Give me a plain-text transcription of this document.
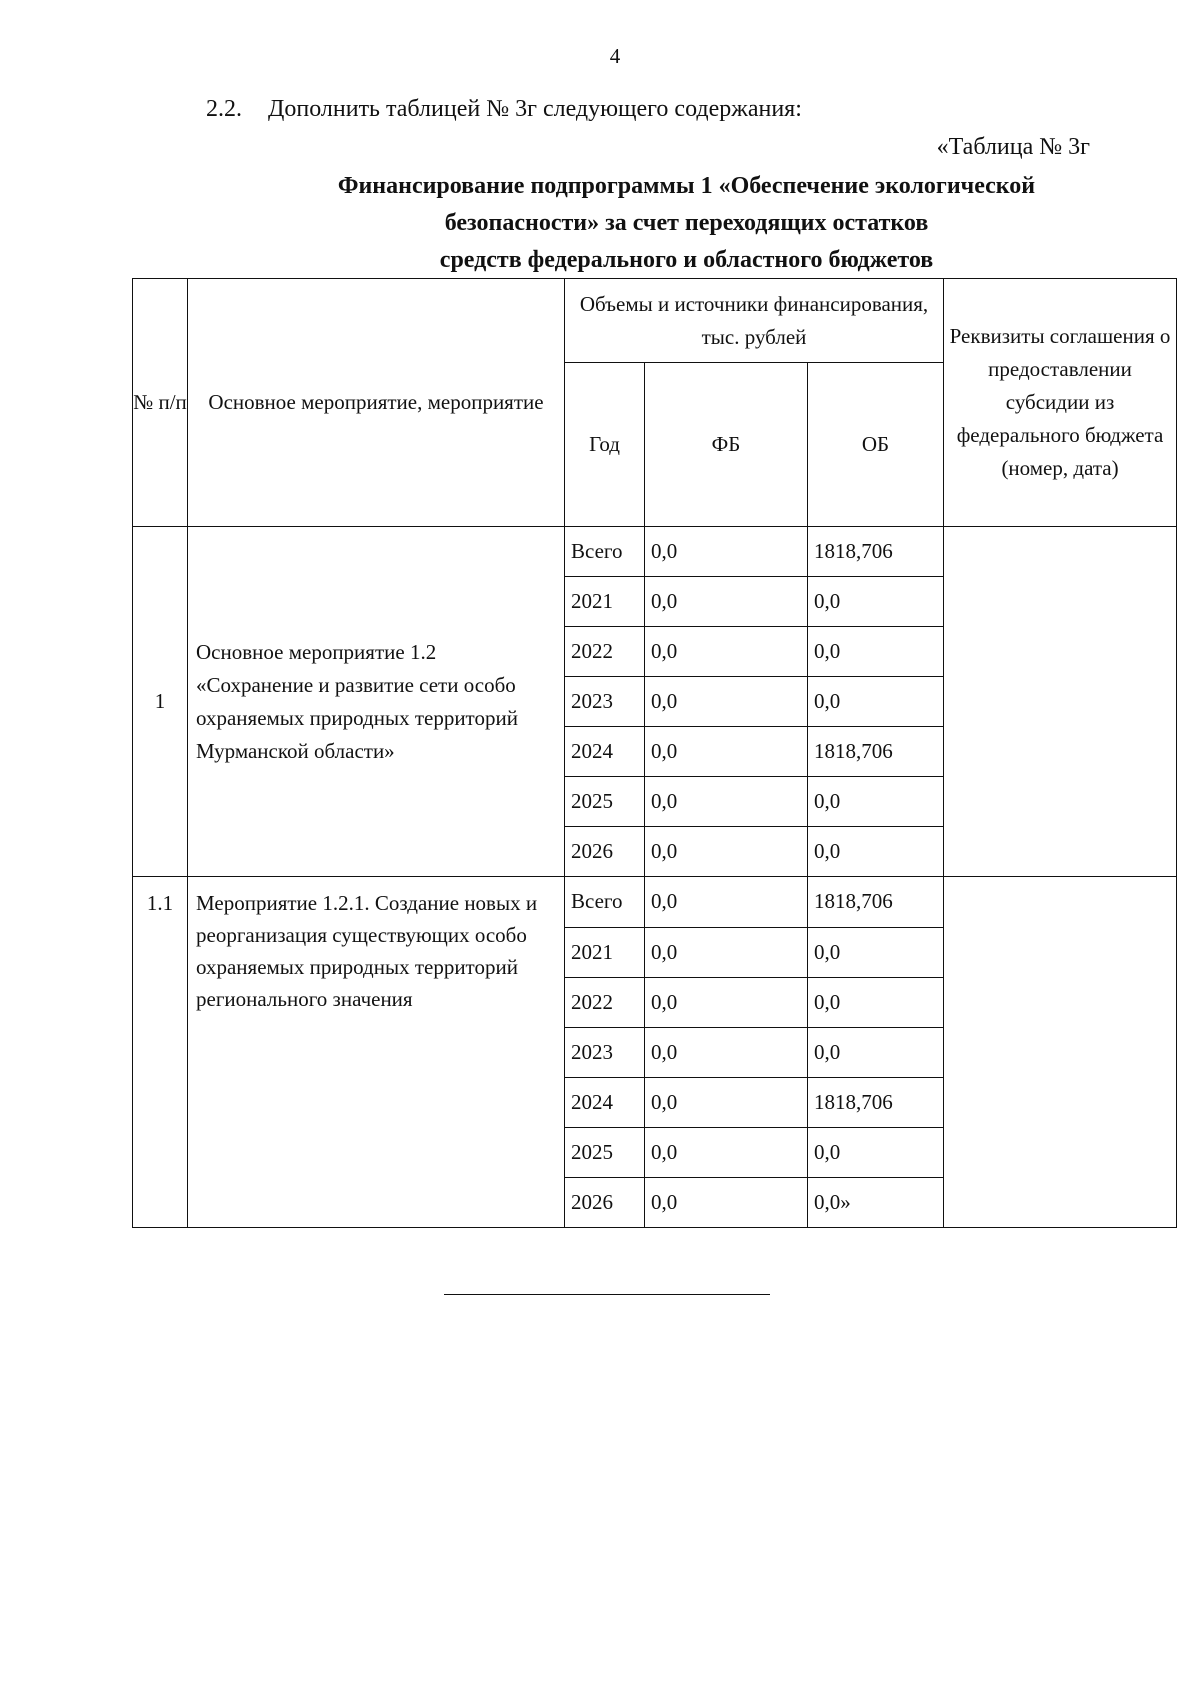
4
2.2. Дополнить таблицей № 3г следующего содержания:
«Таблица № 3г
Финансирование подпрограммы 1 «Обеспечение экологической
безопасности» за счет переходящих остатков
средств федерального и областного бюджетов
№ п/п	Основное мероприятие, мероприятие	Объемы и источники финансирования, тыс. рублей			Реквизиты соглашения о предоставлении субсидии из федерального бюджета (номер, дата)
		Год	ФБ	ОБ	
1	Основное мероприятие 1.2 «Сохранение и развитие сети особо охраняемых природных территорий Мурманской области»	Всего	0,0	1818,706	
		2021	0,0	0,0	
		2022	0,0	0,0	
		2023	0,0	0,0	
		2024	0,0	1818,706	
		2025	0,0	0,0	
		2026	0,0	0,0	
1.1	Мероприятие 1.2.1. Создание новых и реорганизация существующих особо охраняемых природных территорий регионального значения	Всего	0,0	1818,706	
		2021	0,0	0,0	
		2022	0,0	0,0	
		2023	0,0	0,0	
		2024	0,0	1818,706	
		2025	0,0	0,0	
		2026	0,0	0,0»	
